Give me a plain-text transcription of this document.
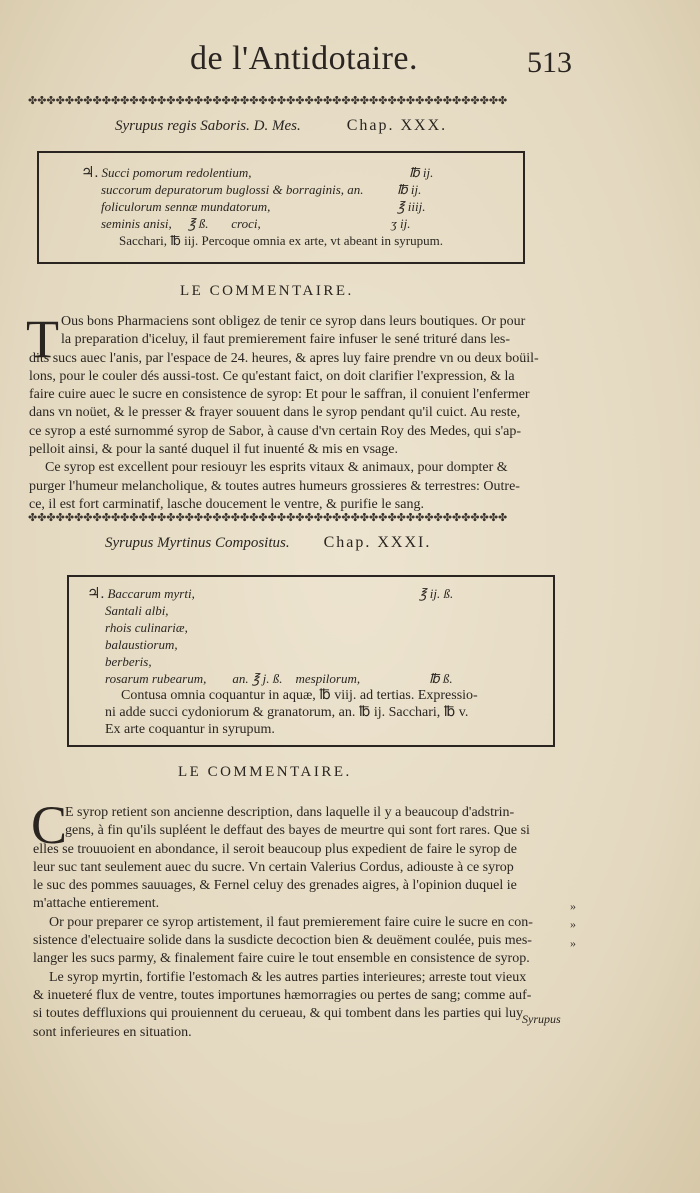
de l'Antidotaire.	513
✤✤✤✤✤✤✤✤✤✤✤✤✤✤✤✤✤✤✤✤✤✤✤✤✤✤✤✤✤✤✤✤✤✤✤✤✤✤✤✤✤✤✤✤✤✤✤✤✤✤✤✤
Syrupus regis Saboris. D. Mes.	Chap. XXX.
♃. Succi pomorum redolentium,	℔ ij.
succorum depuratorum buglossi & borraginis, an.	℔ ij.
foliculorum sennæ mundatorum,	℥ iiij.
seminis anisi,     ℥ ß.       croci,	ʒ ij.
Sacchari, ℔ iij. Percoque omnia ex arte, vt abeant in syrupum.
LE COMMENTAIRE.
T Ous bons Pharmaciens sont obligez de tenir ce syrop dans leurs boutiques. Or pour
la preparation d'iceluy, il faut premierement faire infuser le sené trituré dans les-
dits sucs auec l'anis, par l'espace de 24. heures, & apres luy faire prendre vn ou deux boüil-
lons, pour le couler dés aussi-tost. Ce qu'estant faict, on doit clarifier l'expression, & la
faire cuire auec le sucre en consistence de syrop: Et pour le saffran, il conuient l'enfermer
dans vn noüet, & le presser & frayer souuent dans le syrop pendant qu'il cuict. Au reste,
ce syrop a esté surnommé syrop de Sabor, à cause d'vn certain Roy des Medes, qui s'ap-
pelloit ainsi, & pour la santé duquel il fut inuenté & mis en vsage.
Ce syrop est excellent pour resiouyr les esprits vitaux & animaux, pour dompter &
purger l'humeur melancholique, & toutes autres humeurs grossieres & terrestres: Outre-
ce, il est fort carminatif, lasche doucement le ventre, & purifie le sang.
✤✤✤✤✤✤✤✤✤✤✤✤✤✤✤✤✤✤✤✤✤✤✤✤✤✤✤✤✤✤✤✤✤✤✤✤✤✤✤✤✤✤✤✤✤✤✤✤✤✤✤✤
Syrupus Myrtinus Compositus. Chap. XXXI.
♃. Baccarum myrti,	℥ ij. ß.
Santali albi,
rhois culinariæ,
balaustiorum,
berberis,
rosarum rubearum,        an. ℥ j. ß.    mespilorum,	℔ ß.
Contusa omnia coquantur in aquæ, ℔ viij. ad tertias. Expressio-
ni adde succi cydoniorum & granatorum, an. ℔ ij. Sacchari, ℔ v.
Ex arte coquantur in syrupum.
LE COMMENTAIRE.
C
E syrop retient son ancienne description, dans laquelle il y a beaucoup d'adstrin-
gens, à fin qu'ils supléent le deffaut des bayes de meurtre qui sont fort rares. Que si
elles se trouuoient en abondance, il seroit beaucoup plus expedient de faire le syrop de
leur suc tant seulement auec du sucre. Vn certain Valerius Cordus, adiouste à ce syrop
le suc des pommes sauuages, & Fernel celuy des grenades aigres, à l'opinion duquel ie
m'attache entierement.
Or pour preparer ce syrop artistement, il faut premierement faire cuire le sucre en con-
sistence d'electuaire solide dans la susdicte decoction bien & deuëment coulée, puis mes-
langer les sucs parmy, & finalement faire cuire le tout ensemble en consistence de syrop.
Le syrop myrtin, fortifie l'estomach & les autres parties interieures; arreste tout vieux
& inueteré flux de ventre, toutes importunes hæmorragies ou pertes de sang; comme auf-
si toutes deffluxions qui prouiennent du cerueau, & qui tombent dans les parties qui luy
sont inferieures en situation.
»
»
»
Syrupus
